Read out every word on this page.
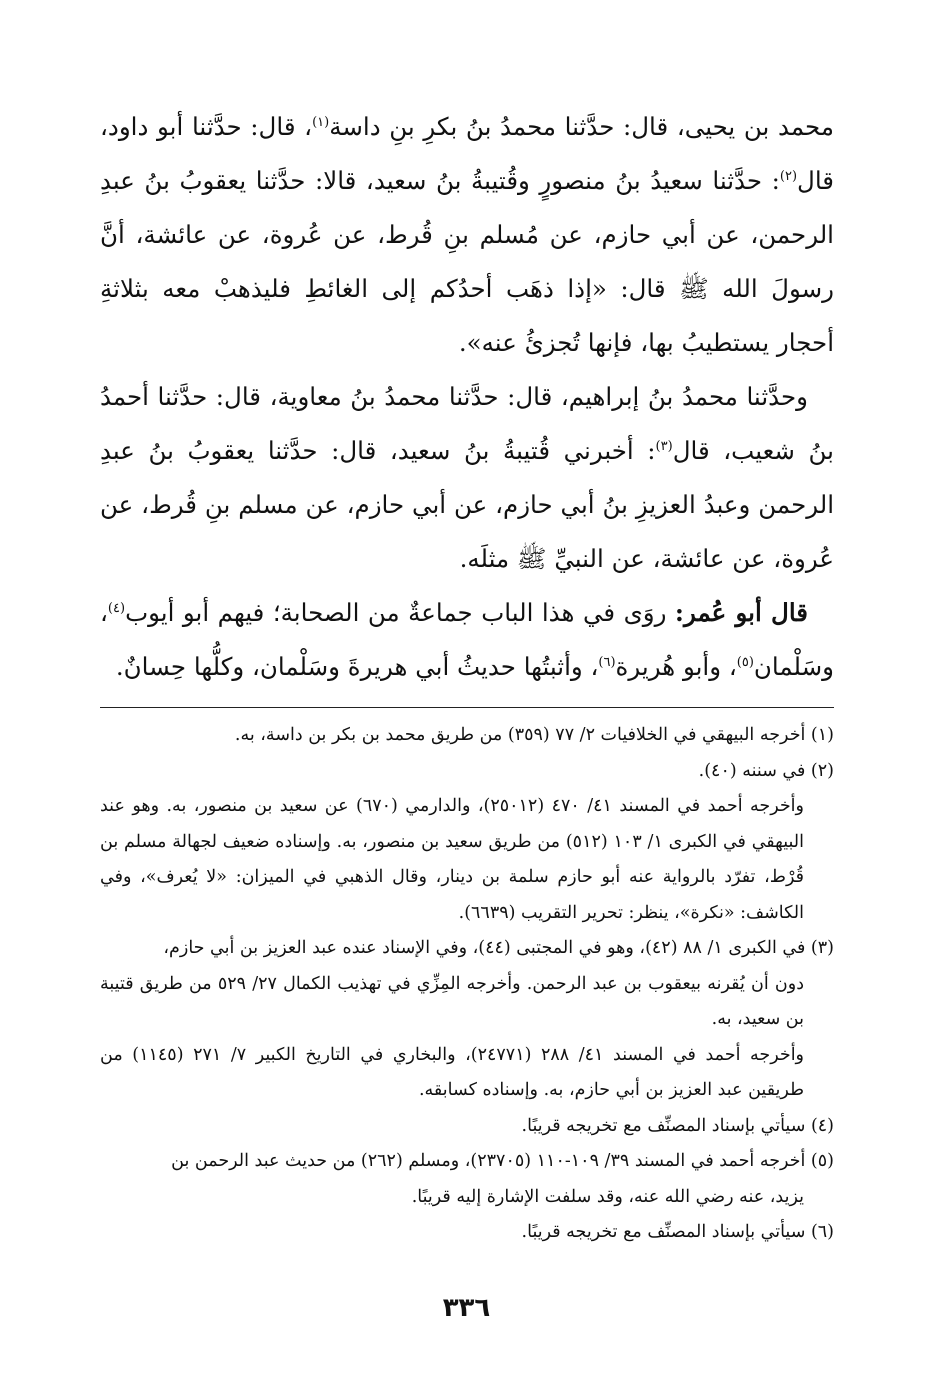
محمد بن يحيى، قال: حدَّثنا محمدُ بنُ بكرِ بنِ داسة$^{(١)}$، قال: حدَّثنا أبو داود، قال$^{(٢)}$: حدَّثنا سعيدُ بنُ منصورٍ وقُتيبةُ بنُ سعيد، قالا: حدَّثنا يعقوبُ بنُ عبدِ الرحمن، عن أبي حازم، عن مُسلم بنِ قُرط، عن عُروة، عن عائشة، أنَّ رسولَ الله ﷺ قال: «إذا ذهَب أحدُكم إلى الغائطِ فليذهبْ معه بثلاثةِ أحجار يستطيبُ بها، فإنها تُجزئُ عنه».

وحدَّثنا محمدُ بنُ إبراهيم، قال: حدَّثنا محمدُ بنُ معاوية، قال: حدَّثنا أحمدُ بنُ شعيب، قال$^{(٣)}$: أخبرني قُتيبةُ بنُ سعيد، قال: حدَّثنا يعقوبُ بنُ عبدِ الرحمن وعبدُ العزيزِ بنُ أبي حازم، عن أبي حازم، عن مسلم بنِ قُرط، عن عُروة، عن عائشة، عن النبيِّ ﷺ مثلَه.

قال أبو عُمر: روَى في هذا الباب جماعةٌ من الصحابة؛ فيهم أبو أيوب$^{(٤)}$، وسَلْمان$^{(٥)}$، وأبو هُريرة$^{(٦)}$، وأثبتُها حديثُ أبي هريرةَ وسَلْمان، وكلُّها حِسانٌ.

(١) أخرجه البيهقي في الخلافيات ٢/ ٧٧ (٣٥٩) من طريق محمد بن بكر بن داسة، به.

(٢) في سننه (٤٠).

وأخرجه أحمد في المسند ٤١/ ٤٧٠ (٢٥٠١٢)، والدارمي (٦٧٠) عن سعيد بن منصور، به. وهو عند البيهقي في الكبرى ١/ ١٠٣ (٥١٢) من طريق سعيد بن منصور، به. وإسناده ضعيف لجهالة مسلم بن قُرْط، تفرّد بالرواية عنه أبو حازم سلمة بن دينار، وقال الذهبي في الميزان: «لا يُعرف»، وفي الكاشف: «نكرة»، ينظر: تحرير التقريب (٦٦٣٩).

(٣) في الكبرى ١/ ٨٨ (٤٢)، وهو في المجتبى (٤٤)، وفي الإسناد عنده عبد العزيز بن أبي حازم،

دون أن يُقرنه بيعقوب بن عبد الرحمن. وأخرجه المِزِّي في تهذيب الكمال ٢٧/ ٥٢٩ من طريق قتيبة بن سعيد، به.

وأخرجه أحمد في المسند ٤١/ ٢٨٨ (٢٤٧٧١)، والبخاري في التاريخ الكبير ٧/ ٢٧١ (١١٤٥) من طريقين عبد العزيز بن أبي حازم، به. وإسناده كسابقه.

(٤) سيأتي بإسناد المصنِّف مع تخريجه قريبًا.

(٥) أخرجه أحمد في المسند ٣٩/ ١٠٩-١١٠ (٢٣٧٠٥)، ومسلم (٢٦٢) من حديث عبد الرحمن بن

يزيد، عنه رضي الله عنه، وقد سلفت الإشارة إليه قريبًا.

(٦) سيأتي بإسناد المصنِّف مع تخريجه قريبًا.

٣٣٦
